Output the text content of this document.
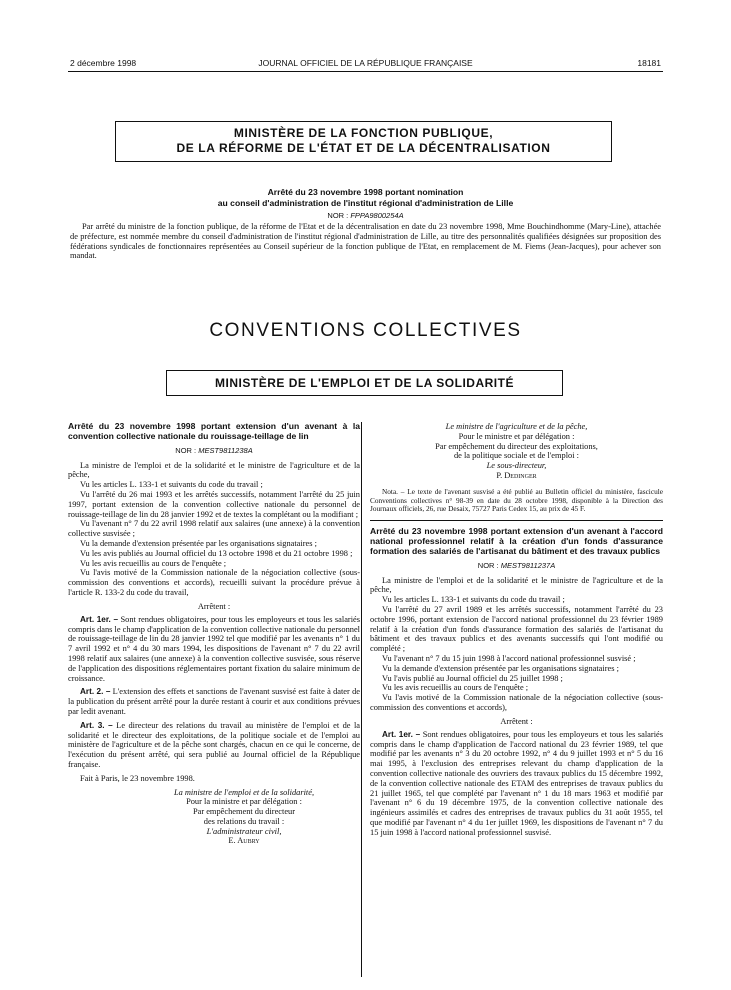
2 décembre 1998	JOURNAL OFFICIEL DE LA RÉPUBLIQUE FRANÇAISE	18181
MINISTÈRE DE LA FONCTION PUBLIQUE,
DE LA RÉFORME DE L'ÉTAT ET DE LA DÉCENTRALISATION
Arrêté du 23 novembre 1998 portant nomination
au conseil d'administration de l'institut régional d'administration de Lille
NOR : FPPA9800254A

Par arrêté du ministre de la fonction publique, de la réforme de l'Etat et de la décentralisation en date du 23 novembre 1998, Mme Bouchindhomme (Mary-Line), attachée de préfecture, est nommée membre du conseil d'administration de l'institut régional d'administration de Lille, au titre des personnalités qualifiées désignées sur proposition des fédérations syndicales de fonctionnaires représentées au Conseil supérieur de la fonction publique de l'Etat, en remplacement de M. Fiems (Jean-Jacques), pour achever son mandat.

CONVENTIONS COLLECTIVES
MINISTÈRE DE L'EMPLOI ET DE LA SOLIDARITÉ
Arrêté du 23 novembre 1998 portant extension d'un avenant à la convention collective nationale du rouissage-teillage de lin
NOR : MEST9811238A

La ministre de l'emploi et de la solidarité et le ministre de l'agriculture et de la pêche,

Vu les articles L. 133-1 et suivants du code du travail ;

Vu l'arrêté du 26 mai 1993 et les arrêtés successifs, notamment l'arrêté du 25 juin 1997, portant extension de la convention collective nationale du personnel de rouissage-teillage de lin du 28 janvier 1992 et de textes la complétant ou la modifiant ;

Vu l'avenant n° 7 du 22 avril 1998 relatif aux salaires (une annexe) à la convention collective susvisée ;

Vu la demande d'extension présentée par les organisations signataires ;

Vu les avis publiés au Journal officiel du 13 octobre 1998 et du 21 octobre 1998 ;

Vu les avis recueillis au cours de l'enquête ;

Vu l'avis motivé de la Commission nationale de la négociation collective (sous-commission des conventions et accords), recueilli suivant la procédure prévue à l'article R. 133-2 du code du travail,

Arrêtent :

Art. 1er. – Sont rendues obligatoires, pour tous les employeurs et tous les salariés compris dans le champ d'application de la convention collective nationale du personnel de rouissage-teillage de lin du 28 janvier 1992 tel que modifié par les avenants n° 1 du 7 avril 1992 et n° 4 du 30 mars 1994, les dispositions de l'avenant n° 7 du 22 avril 1998 relatif aux salaires (une annexe) à la convention collective susvisée, sous réserve de l'application des dispositions réglementaires portant fixation du salaire minimum de croissance.

Art. 2. – L'extension des effets et sanctions de l'avenant susvisé est faite à dater de la publication du présent arrêté pour la durée restant à courir et aux conditions prévues par ledit avenant.

Art. 3. – Le directeur des relations du travail au ministère de l'emploi et de la solidarité et le directeur des exploitations, de la politique sociale et de l'emploi au ministère de l'agriculture et de la pêche sont chargés, chacun en ce qui le concerne, de l'exécution du présent arrêté, qui sera publié au Journal officiel de la République française.

Fait à Paris, le 23 novembre 1998.

La ministre de l'emploi et de la solidarité,

Pour la ministre et par délégation :

Par empêchement du directeur

des relations du travail :

L'administrateur civil,

E. Aubry

Le ministre de l'agriculture et de la pêche,

Pour le ministre et par délégation :

Par empêchement du directeur des exploitations,

de la politique sociale et de l'emploi :

Le sous-directeur,

P. Dedinger

Nota. – Le texte de l'avenant susvisé a été publié au Bulletin officiel du ministère, fascicule Conventions collectives n° 98-39 en date du 28 octobre 1998, disponible à la Direction des Journaux officiels, 26, rue Desaix, 75727 Paris Cedex 15, au prix de 45 F.

Arrêté du 23 novembre 1998 portant extension d'un avenant à l'accord national professionnel relatif à la création d'un fonds d'assurance formation des salariés de l'artisanat du bâtiment et des travaux publics
NOR : MEST9811237A

La ministre de l'emploi et de la solidarité et le ministre de l'agriculture et de la pêche,

Vu les articles L. 133-1 et suivants du code du travail ;

Vu l'arrêté du 27 avril 1989 et les arrêtés successifs, notamment l'arrêté du 23 octobre 1996, portant extension de l'accord national professionnel du 23 février 1989 relatif à la création d'un fonds d'assurance formation des salariés de l'artisanat du bâtiment et des travaux publics et des avenants successifs qui l'ont modifié ou complété ;

Vu l'avenant n° 7 du 15 juin 1998 à l'accord national professionnel susvisé ;

Vu la demande d'extension présentée par les organisations signataires ;

Vu l'avis publié au Journal officiel du 25 juillet 1998 ;

Vu les avis recueillis au cours de l'enquête ;

Vu l'avis motivé de la Commission nationale de la négociation collective (sous-commission des conventions et accords),

Arrêtent :

Art. 1er. – Sont rendues obligatoires, pour tous les employeurs et tous les salariés compris dans le champ d'application de l'accord national du 23 février 1989, tel que modifié par les avenants n° 3 du 20 octobre 1992, n° 4 du 9 juillet 1993 et n° 5 du 16 mai 1995, à l'exclusion des entreprises relevant du champ d'application de la convention collective nationale des ouvriers des travaux publics du 15 décembre 1992, de la convention collective nationale des ETAM des entreprises de travaux publics du 21 juillet 1965, tel que complété par l'avenant n° 1 du 18 mars 1963 et modifié par l'avenant n° 6 du 19 décembre 1975, de la convention collective nationale des ingénieurs assimilés et cadres des entreprises de travaux publics du 31 août 1955, tel que modifié par l'avenant n° 4 du 1er juillet 1969, les dispositions de l'avenant n° 7 du 15 juin 1998 à l'accord national professionnel susvisé.
